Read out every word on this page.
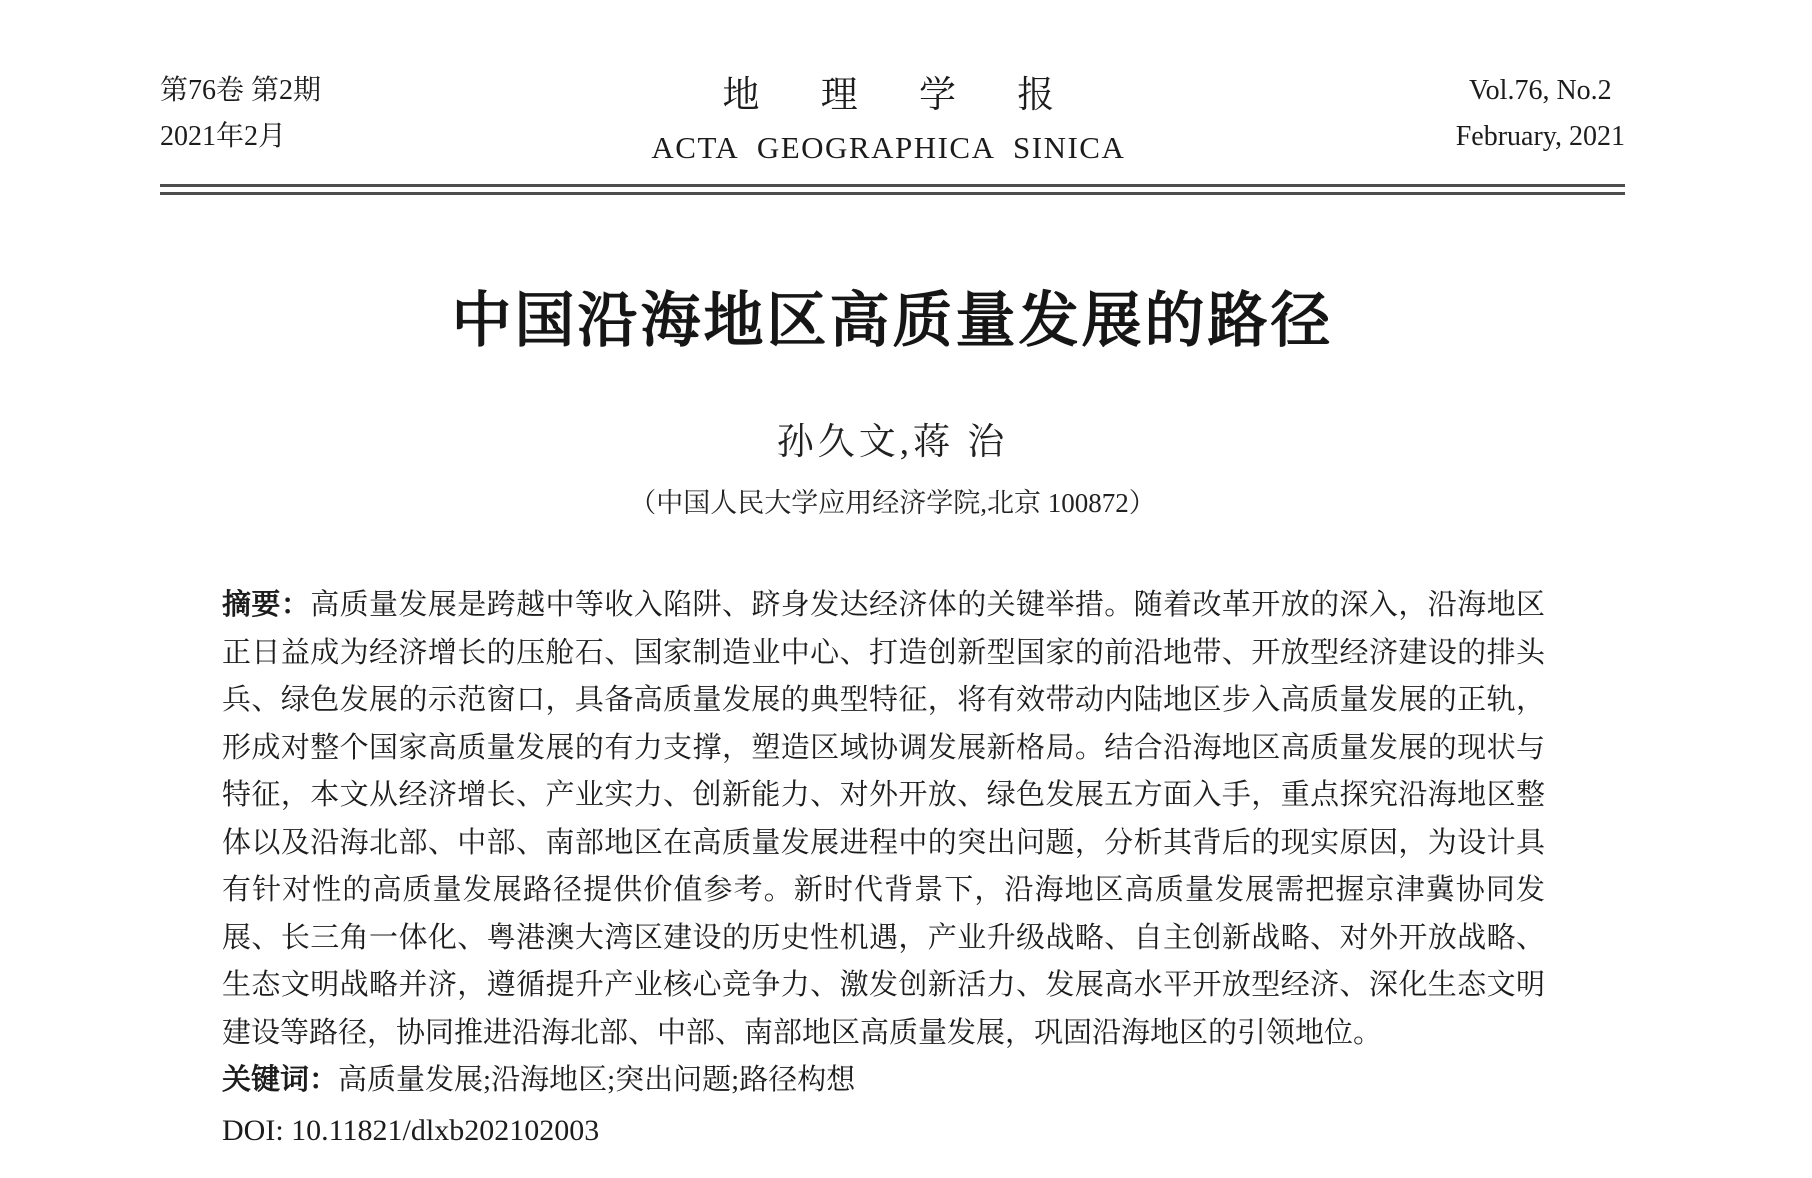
第76卷 第2期
2021年2月
地 理 学 报
ACTA GEOGRAPHICA SINICA
Vol.76, No.2
February, 2021
中国沿海地区高质量发展的路径
孙久文,蒋 治
（中国人民大学应用经济学院,北京 100872）

摘要：高质量发展是跨越中等收入陷阱、跻身发达经济体的关键举措。随着改革开放的深入，沿海地区正日益成为经济增长的压舱石、国家制造业中心、打造创新型国家的前沿地带、开放型经济建设的排头兵、绿色发展的示范窗口，具备高质量发展的典型特征，将有效带动内陆地区步入高质量发展的正轨，形成对整个国家高质量发展的有力支撑，塑造区域协调发展新格局。结合沿海地区高质量发展的现状与特征，本文从经济增长、产业实力、创新能力、对外开放、绿色发展五方面入手，重点探究沿海地区整体以及沿海北部、中部、南部地区在高质量发展进程中的突出问题，分析其背后的现实原因，为设计具有针对性的高质量发展路径提供价值参考。新时代背景下，沿海地区高质量发展需把握京津冀协同发展、长三角一体化、粤港澳大湾区建设的历史性机遇，产业升级战略、自主创新战略、对外开放战略、生态文明战略并济，遵循提升产业核心竞争力、激发创新活力、发展高水平开放型经济、深化生态文明建设等路径，协同推进沿海北部、中部、南部地区高质量发展，巩固沿海地区的引领地位。

关键词：高质量发展;沿海地区;突出问题;路径构想

DOI: 10.11821/dlxb202102003
